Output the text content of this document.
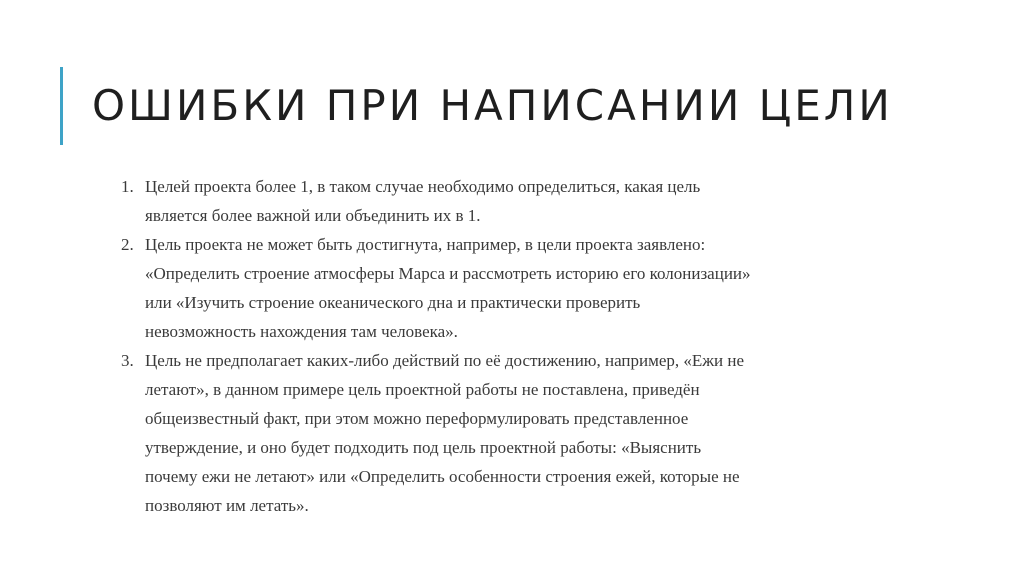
ОШИБКИ ПРИ НАПИСАНИИ ЦЕЛИ
1. Целей проекта более 1, в таком случае необходимо определиться, какая цель
является более важной или объединить их в 1.
2. Цель проекта не может быть достигнута, например, в цели проекта заявлено:
«Определить строение атмосферы Марса и рассмотреть историю его колонизации»
или «Изучить строение океанического дна и практически проверить
невозможность нахождения там человека».
3. Цель не предполагает каких-либо действий по её достижению, например, «Ежи не
летают», в данном примере цель проектной работы не поставлена, приведён
общеизвестный факт, при этом можно переформулировать представленное
утверждение, и оно будет подходить под цель проектной работы: «Выяснить
почему ежи не летают» или «Определить особенности строения ежей, которые не
позволяют им летать».
